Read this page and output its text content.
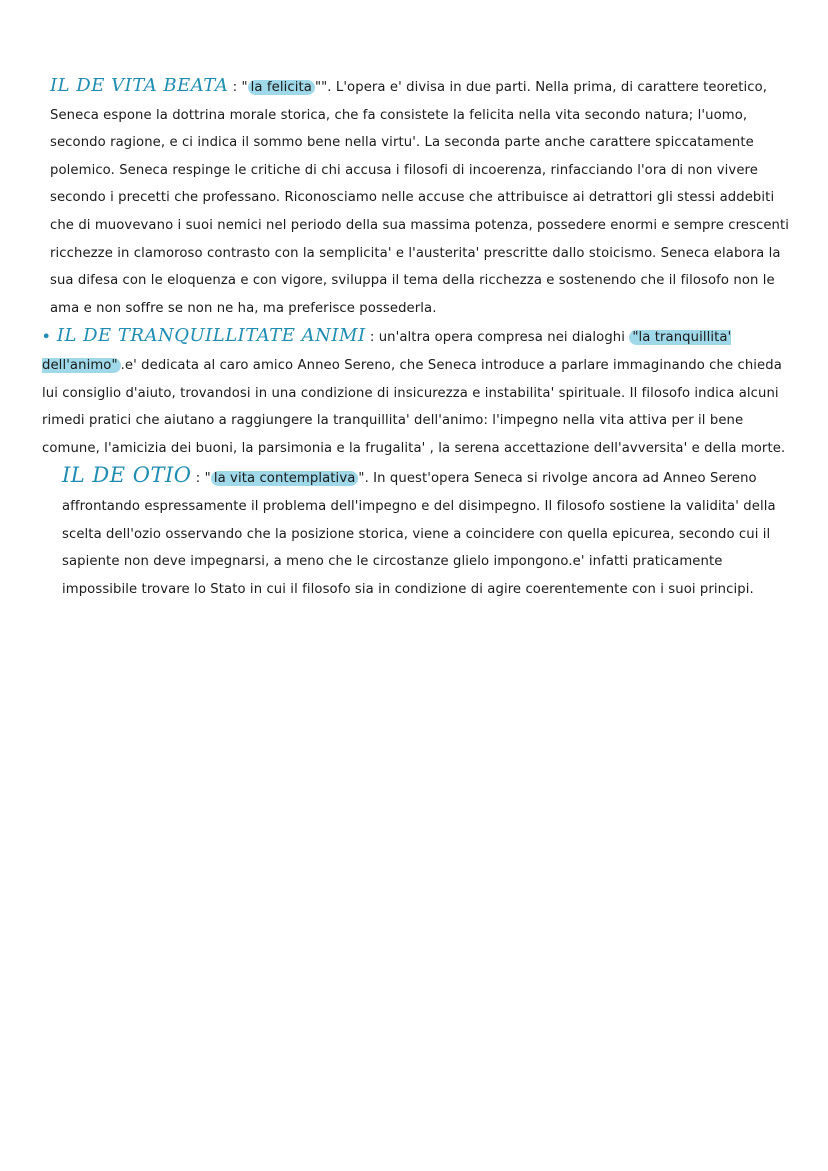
IL DE VITA BEATA : " la felicita "". L'opera e' divisa in due parti. Nella prima, di carattere teoretico, Seneca espone la dottrina morale storica, che fa consistete la felicita nella vita secondo natura; l'uomo, secondo ragione, e ci indica il sommo bene nella virtu'. La seconda parte anche carattere spiccatamente polemico. Seneca respinge le critiche di chi accusa i filosofi di incoerenza, rinfacciando l'ora di non vivere secondo i precetti che professano. Riconosciamo nelle accuse che attribuisce ai detrattori gli stessi addebiti che di muovevano i suoi nemici nel periodo della sua massima potenza, possedere enormi e sempre crescenti ricchezze in clamoroso contrasto con la semplicita' e l'austerita' prescritte dallo stoicismo. Seneca elabora la sua difesa con le eloquenza e con vigore, sviluppa il tema della ricchezza e sostenendo che il filosofo non le ama e non soffre se non ne ha, ma preferisce possederla.

• IL DE TRANQUILLITATE ANIMI : un'altra opera compresa nei dialoghi "la tranquillita' dell'animo" .e' dedicata al caro amico Anneo Sereno, che Seneca introduce a parlare immaginando che chieda lui consiglio d'aiuto, trovandosi in una condizione di insicurezza e instabilita' spirituale. Il filosofo indica alcuni rimedi pratici che aiutano a raggiungere la tranquillita' dell'animo: l'impegno nella vita attiva per il bene comune, l'amicizia dei buoni, la parsimonia e la frugalita' , la serena accettazione dell'avversita' e della morte.

IL DE OTIO : " la vita contemplativa ". In quest'opera Seneca si rivolge ancora ad Anneo Sereno affrontando espressamente il problema dell'impegno e del disimpegno. Il filosofo sostiene la validita' della scelta dell'ozio osservando che la posizione storica, viene a coincidere con quella epicurea, secondo cui il sapiente non deve impegnarsi, a meno che le circostanze glielo impongono.e' infatti praticamente impossibile trovare lo Stato in cui il filosofo sia in condizione di agire coerentemente con i suoi principi.
